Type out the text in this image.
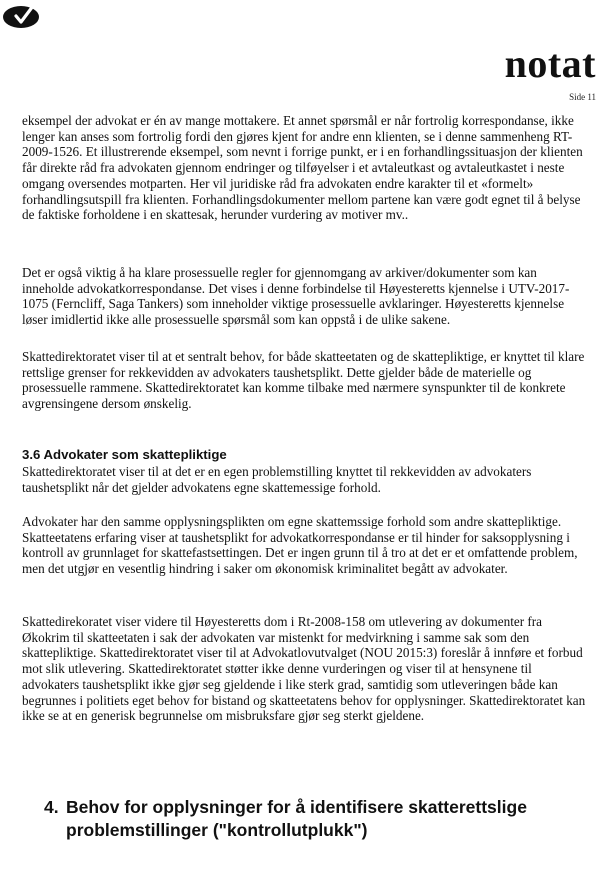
notat
Side 11

eksempel der advokat er én av mange mottakere. Et annet spørsmål er når fortrolig korrespondanse, ikke lenger kan anses som fortrolig fordi den gjøres kjent for andre enn klienten, se i denne sammenheng RT-2009-1526. Et illustrerende eksempel, som nevnt i forrige punkt, er i en forhandlingssituasjon der klienten får direkte råd fra advokaten gjennom endringer og tilføyelser i et avtaleutkast og avtaleutkastet i neste omgang oversendes motparten. Her vil juridiske råd fra advokaten endre karakter til et «formelt» forhandlingsutspill fra klienten. Forhandlingsdokumenter mellom partene kan være godt egnet til å belyse de faktiske forholdene i en skattesak, herunder vurdering av motiver mv..

Det er også viktig å ha klare prosessuelle regler for gjennomgang av arkiver/dokumenter som kan inneholde advokatkorrespondanse. Det vises i denne forbindelse til Høyesteretts kjennelse i UTV-2017-1075 (Ferncliff, Saga Tankers) som inneholder viktige prosessuelle avklaringer. Høyesteretts kjennelse løser imidlertid ikke alle prosessuelle spørsmål som kan oppstå i de ulike sakene.

Skattedirektoratet viser til at et sentralt behov, for både skatteetaten og de skattepliktige, er knyttet til klare rettslige grenser for rekkevidden av advokaters taushetsplikt. Dette gjelder både de materielle og prosessuelle rammene. Skattedirektoratet kan komme tilbake med nærmere synspunkter til de konkrete avgrensingene dersom ønskelig.

3.6 Advokater som skattepliktige

Skattedirektoratet viser til at det er en egen problemstilling knyttet til rekkevidden av advokaters taushetsplikt når det gjelder advokatens egne skattemessige forhold.

Advokater har den samme opplysningsplikten om egne skattemssige forhold som andre skattepliktige. Skatteetatens erfaring viser at taushetsplikt for advokatkorrespondanse er til hinder for saksopplysning i kontroll av grunnlaget for skattefastsettingen. Det er ingen grunn til å tro at det er et omfattende problem, men det utgjør en vesentlig hindring i saker om økonomisk kriminalitet begått av advokater.

Skattedirekoratet viser videre til Høyesteretts dom i Rt-2008-158 om utlevering av dokumenter fra Økokrim til skatteetaten i sak der advokaten var mistenkt for medvirkning i samme sak som den skattepliktige. Skattedirektoratet viser til at Advokatlovutvalget (NOU 2015:3) foreslår å innføre et forbud mot slik utlevering. Skattedirektoratet støtter ikke denne vurderingen og viser til at hensynene til advokaters taushetsplikt ikke gjør seg gjeldende i like sterk grad, samtidig som utleveringen både kan begrunnes i politiets eget behov for bistand og skatteetatens behov for opplysninger. Skattedirektoratet kan ikke se at en generisk begrunnelse om misbruksfare gjør seg sterkt gjeldene.

4. Behov for opplysninger for å identifisere skatterettslige problemstillinger ("kontrollutplukk")
